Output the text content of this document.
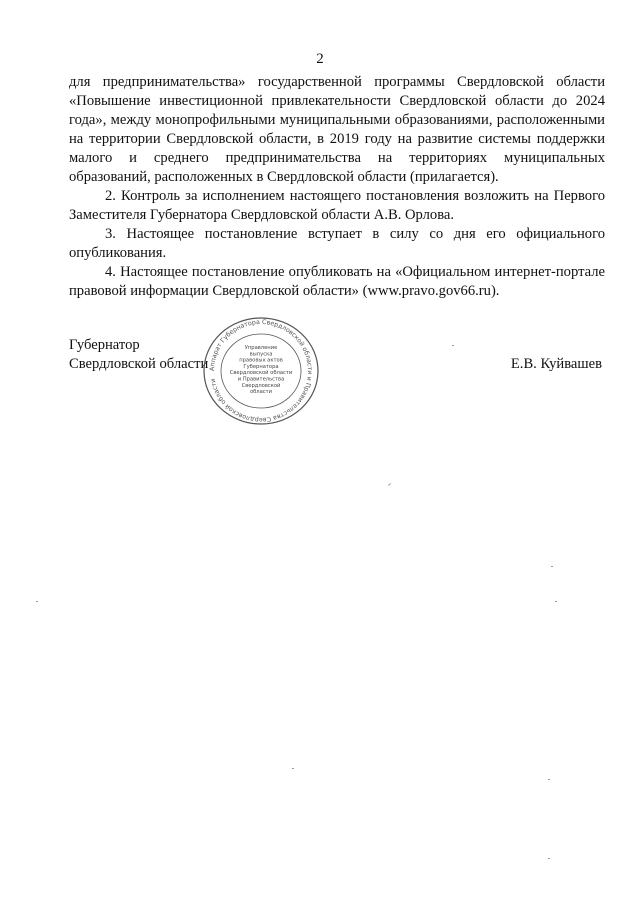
2

для предпринимательства» государственной программы Свердловской области «Повышение инвестиционной привлекательности Свердловской области до 2024 года», между монопрофильными муниципальными образованиями, расположенными на территории Свердловской области, в 2019 году на развитие системы поддержки малого и среднего предпринимательства на территориях муниципальных образований, расположенных в Свердловской области (прилагается).

2. Контроль за исполнением настоящего постановления возложить на Первого Заместителя Губернатора Свердловской области А.В. Орлова.

3. Настоящее постановление вступает в силу со дня его официального опубликования.

4. Настоящее постановление опубликовать на «Официальном интернет-портале правовой информации Свердловской области» (www.pravo.gov66.ru).

Губернатор
Свердловской области	Е.В. Куйвашев
Аппарат Губернатора Свердловской области и Правительства Свердловской области
Управление
выпуска
правовых актов
Губернатора
Свердловской области
и Правительства
Свердловской
области
